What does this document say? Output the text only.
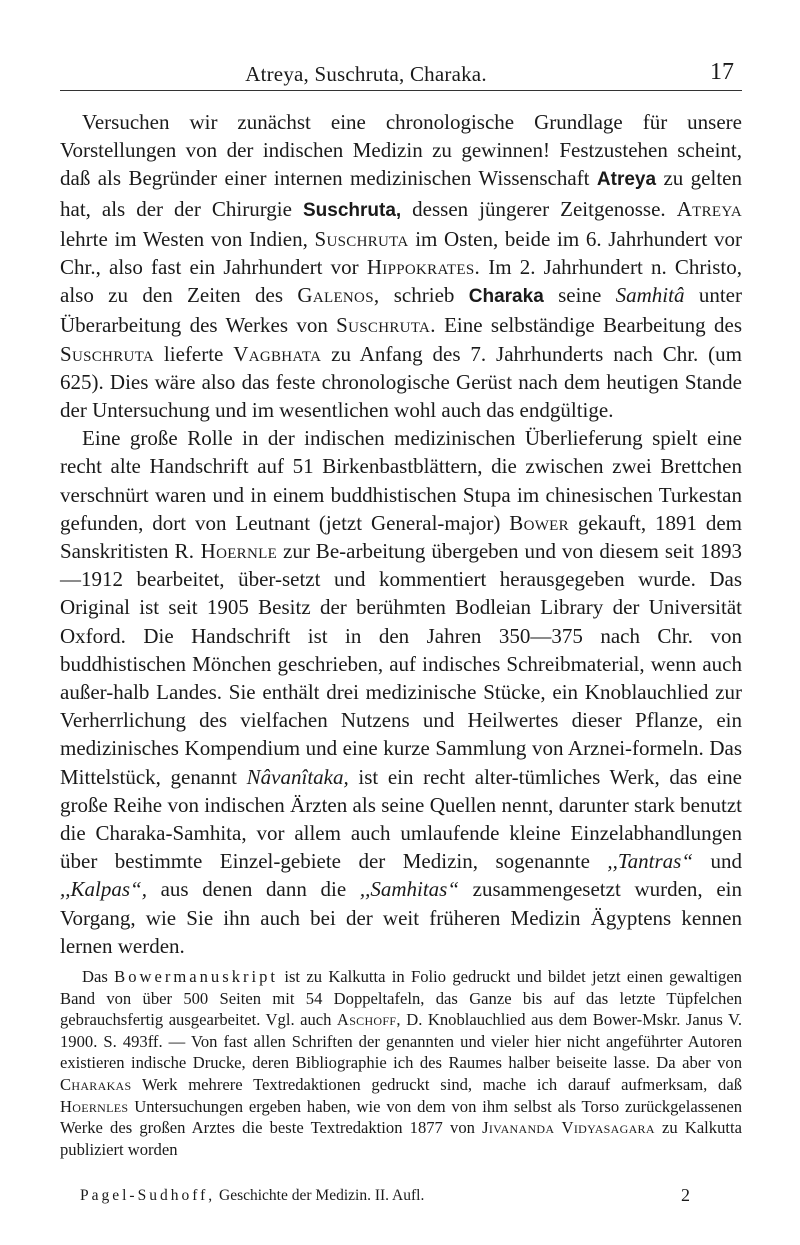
Atreya, Suschruta, Charaka.	17

Versuchen wir zunächst eine chronologische Grundlage für unsere Vorstellungen von der indischen Medizin zu gewinnen! Festzustehen scheint, daß als Begründer einer internen medizinischen Wissenschaft Atreya zu gelten hat, als der der Chirurgie Suschruta, dessen jüngerer Zeitgenosse. Atreya lehrte im Westen von Indien, Suschruta im Osten, beide im 6. Jahrhundert vor Chr., also fast ein Jahrhundert vor Hippokrates. Im 2. Jahrhundert n. Christo, also zu den Zeiten des Galenos, schrieb Charaka seine Samhitâ unter Überarbeitung des Werkes von Suschruta. Eine selbständige Bearbeitung des Suschruta lieferte Vagbhata zu Anfang des 7. Jahrhunderts nach Chr. (um 625). Dies wäre also das feste chronologische Gerüst nach dem heutigen Stande der Untersuchung und im wesentlichen wohl auch das endgültige.

Eine große Rolle in der indischen medizinischen Überlieferung spielt eine recht alte Handschrift auf 51 Birkenbastblättern, die zwischen zwei Brettchen verschnürt waren und in einem buddhistischen Stupa im chinesischen Turkestan gefunden, dort von Leutnant (jetzt General-major) Bower gekauft, 1891 dem Sanskritisten R. Hoernle zur Be-arbeitung übergeben und von diesem seit 1893—1912 bearbeitet, über-setzt und kommentiert herausgegeben wurde. Das Original ist seit 1905 Besitz der berühmten Bodleian Library der Universität Oxford. Die Handschrift ist in den Jahren 350—375 nach Chr. von buddhistischen Mönchen geschrieben, auf indisches Schreibmaterial, wenn auch außer-halb Landes. Sie enthält drei medizinische Stücke, ein Knoblauchlied zur Verherrlichung des vielfachen Nutzens und Heilwertes dieser Pflanze, ein medizinisches Kompendium und eine kurze Sammlung von Arznei-formeln. Das Mittelstück, genannt Nâvanîtaka, ist ein recht alter-tümliches Werk, das eine große Reihe von indischen Ärzten als seine Quellen nennt, darunter stark benutzt die Charaka-Samhita, vor allem auch umlaufende kleine Einzelabhandlungen über bestimmte Einzel-gebiete der Medizin, sogenannte ,,Tantras“ und ,,Kalpas“, aus denen dann die ,,Samhitas“ zusammengesetzt wurden, ein Vorgang, wie Sie ihn auch bei der weit früheren Medizin Ägyptens kennen lernen werden.

Das Bowermanuskript ist zu Kalkutta in Folio gedruckt und bildet jetzt einen gewaltigen Band von über 500 Seiten mit 54 Doppeltafeln, das Ganze bis auf das letzte Tüpfelchen gebrauchsfertig ausgearbeitet. Vgl. auch Aschoff, D. Knoblauchlied aus dem Bower-Mskr. Janus V. 1900. S. 493ff. — Von fast allen Schriften der genannten und vieler hier nicht angeführter Autoren existieren indische Drucke, deren Bibliographie ich des Raumes halber beiseite lasse. Da aber von Charakas Werk mehrere Textredaktionen gedruckt sind, mache ich darauf aufmerksam, daß Hoernles Untersuchungen ergeben haben, wie von dem von ihm selbst als Torso zurückgelassenen Werke des großen Arztes die beste Textredaktion 1877 von Jivananda Vidyasagara zu Kalkutta publiziert worden

Pagel-Sudhoff, Geschichte der Medizin. II. Aufl.	2
